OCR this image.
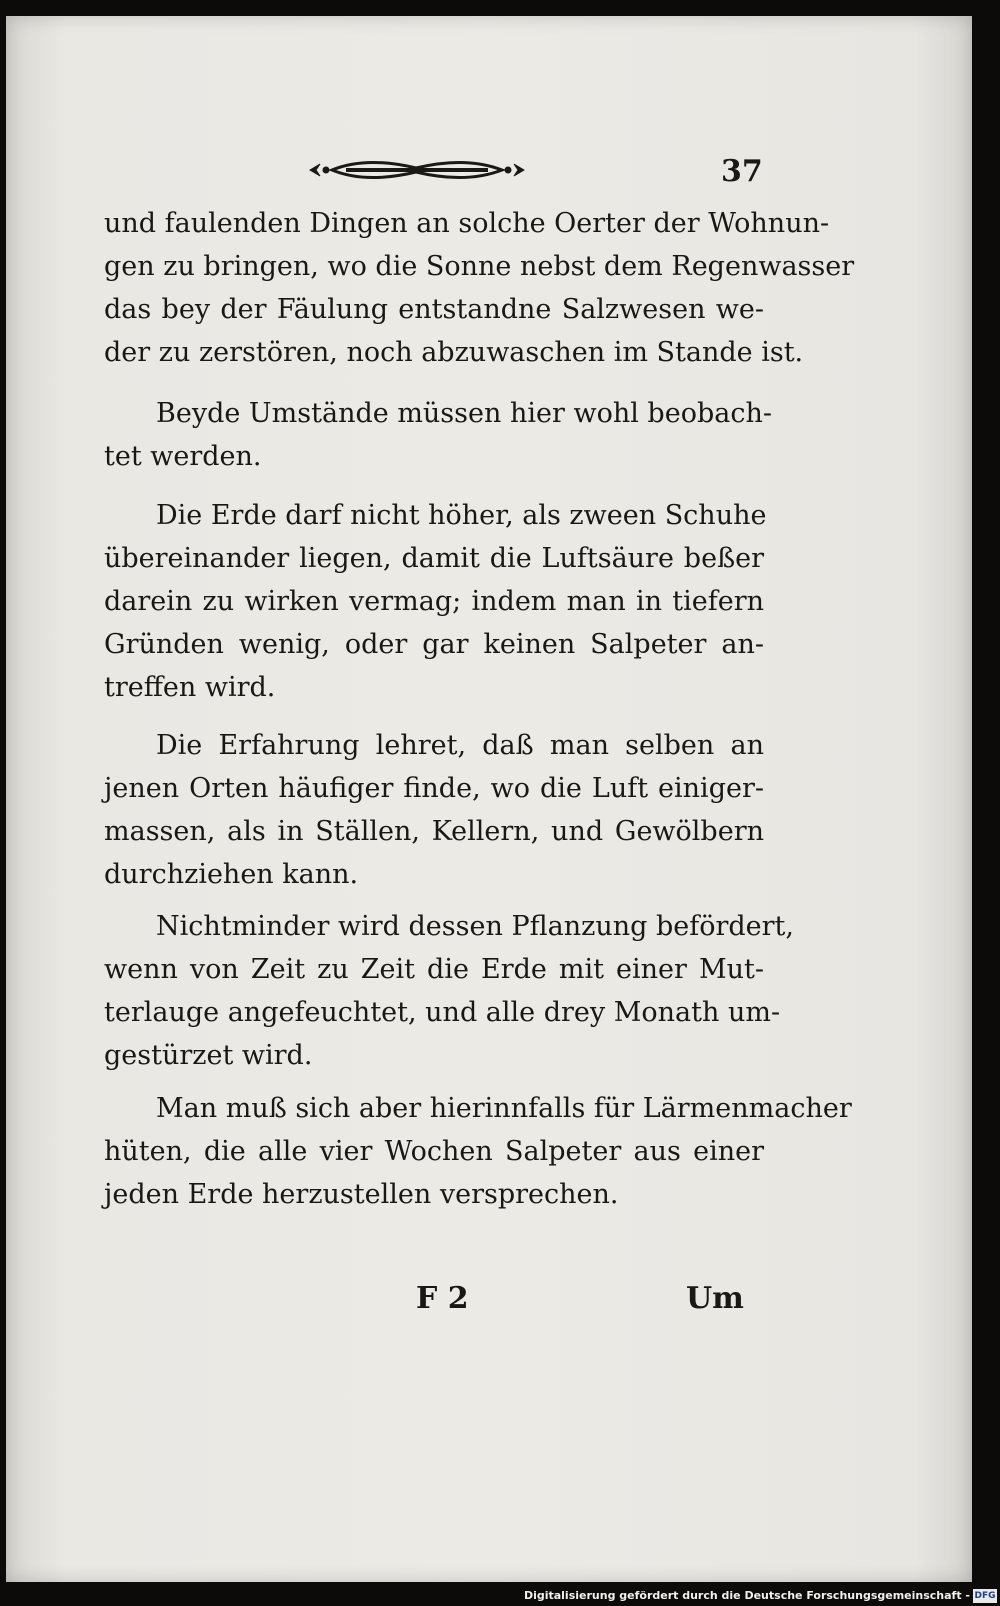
37
und faulenden Dingen an solche Oerter der Wohnun-
gen zu bringen, wo die Sonne nebst dem Regenwasser
das bey der Fäulung entstandne Salzwesen we-
der zu zerstören, noch abzuwaschen im Stande ist.
Beyde Umstände müssen hier wohl beobach-
tet werden.
Die Erde darf nicht höher, als zween Schuhe
übereinander liegen, damit die Luftsäure beßer
darein zu wirken vermag; indem man in tiefern
Gründen wenig, oder gar keinen Salpeter an-
treffen wird.
Die Erfahrung lehret, daß man selben an
jenen Orten häufiger finde, wo die Luft einiger-
massen, als in Ställen, Kellern, und Gewölbern
durchziehen kann.
Nichtminder wird dessen Pflanzung befördert,
wenn von Zeit zu Zeit die Erde mit einer Mut-
terlauge angefeuchtet, und alle drey Monath um-
gestürzet wird.
Man muß sich aber hierinnfalls für Lärmenmacher
hüten, die alle vier Wochen Salpeter aus einer
jeden Erde herzustellen versprechen.
F 2	Um
Digitalisierung gefördert durch die Deutsche Forschungsgemeinschaft - DFG
